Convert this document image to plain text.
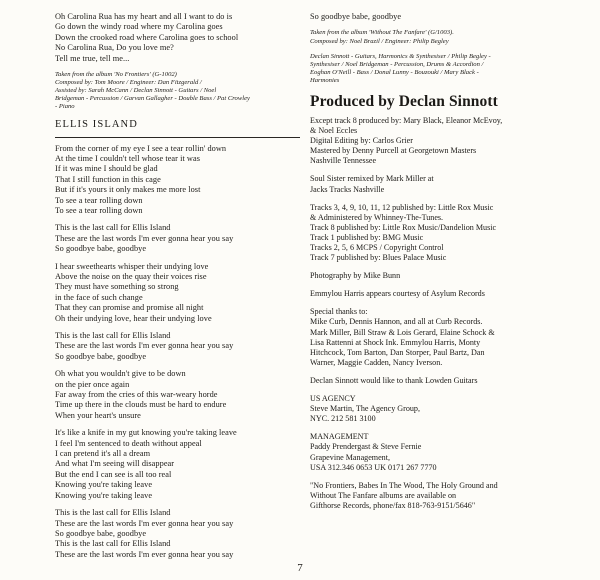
Oh Carolina Rua has my heart and all I want to do is
Go down the windy road where my Carolina goes
Down the crooked road where Carolina goes to school
No Carolina Rua, Do you love me?
Tell me true, tell me...
Taken from the album 'No Frontiers' (G-1002)
Composed by: Tom Moore / Engineer: Dan Fitzgerald /
Assisted by: Sarah McCann / Declan Sinnott - Guitars / Noel
Bridgeman - Percussion / Garvan Gallagher - Double Bass / Pat Crowley
- Piano
ELLIS ISLAND
From the corner of my eye I see a tear rollin' down
At the time I couldn't tell whose tear it was
If it was mine I should be glad
That I still function in this cage
But if it's yours it only makes me more lost
To see a tear rolling down
To see a tear rolling down
This is the last call for Ellis Island
These are the last words I'm ever gonna hear you say
So goodbye babe, goodbye
I hear sweethearts whisper their undying love
Above the noise on the quay their voices rise
They must have something so strong
in the face of such change
That they can promise and promise all night
Oh their undying love, hear their undying love
This is the last call for Ellis Island
These are the last words I'm ever gonna hear you say
So goodbye babe, goodbye
Oh what you wouldn't give to be down
on the pier once again
Far away from the cries of this war-weary horde
Time up there in the clouds must be hard to endure
When your heart's unsure
It's like a knife in my gut knowing you're taking leave
I feel I'm sentenced to death without appeal
I can pretend it's all a dream
And what I'm seeing will disappear
But the end I can see is all too real
Knowing you're taking leave
Knowing you're taking leave
This is the last call for Ellis Island
These are the last words I'm ever gonna hear you say
So goodbye babe, goodbye
This is the last call for Ellis Island
These are the last words I'm ever gonna hear you say
So goodbye babe, goodbye
Taken from the album 'Without The Fanfare' (G/1003).
Composed by: Noel Brazil / Engineer: Philip Begley
Declan Sinnott - Guitars, Harmonics & Synthesiser / Philip Begley -
Synthesiser / Noel Bridgeman - Percussion, Drums & Accordion /
Eoghan O'Neill - Bass / Donal Lunny - Bouzouki / Mary Black -
Harmonies
Produced by Declan Sinnott
Except track 8 produced by: Mary Black, Eleanor McEvoy,
& Noel Eccles
Digital Editing by: Carlos Grier
Mastered by Denny Purcell at Georgetown Masters
Nashville Tennessee
Soul Sister remixed by Mark Miller at
Jacks Tracks Nashville
Tracks 3, 4, 9, 10, 11, 12 published by: Little Rox Music
& Administered by Whinney-The-Tunes.
Track 8 published by: Little Rox Music/Dandelion Music
Track 1 published by: BMG Music
Tracks 2, 5, 6 MCPS / Copyright Control
Track 7 published by: Blues Palace Music
Photography by Mike Bunn
Emmylou Harris appears courtesy of Asylum Records
Special thanks to:
Mike Curb, Dennis Hannon, and all at Curb Records.
Mark Miller, Bill Straw & Lois Gerard, Elaine Schock &
Lisa Rattenni at Shock Ink. Emmylou Harris, Monty
Hitchcock, Tom Barton, Dan Storper, Paul Bartz, Dan
Warner, Maggie Cadden, Nancy Iverson.
Declan Sinnott would like to thank Lowden Guitars
US AGENCY
Steve Martin, The Agency Group,
NYC. 212 581 3100
MANAGEMENT
Paddy Prendergast & Steve Fernie
Grapevine Management,
USA 312.346 0653 UK 0171 267 7770
"No Frontiers, Babes In The Wood, The Holy Ground and
Without The Fanfare albums are available on
Gifthorse Records, phone/fax 818-763-9151/5646"
7
